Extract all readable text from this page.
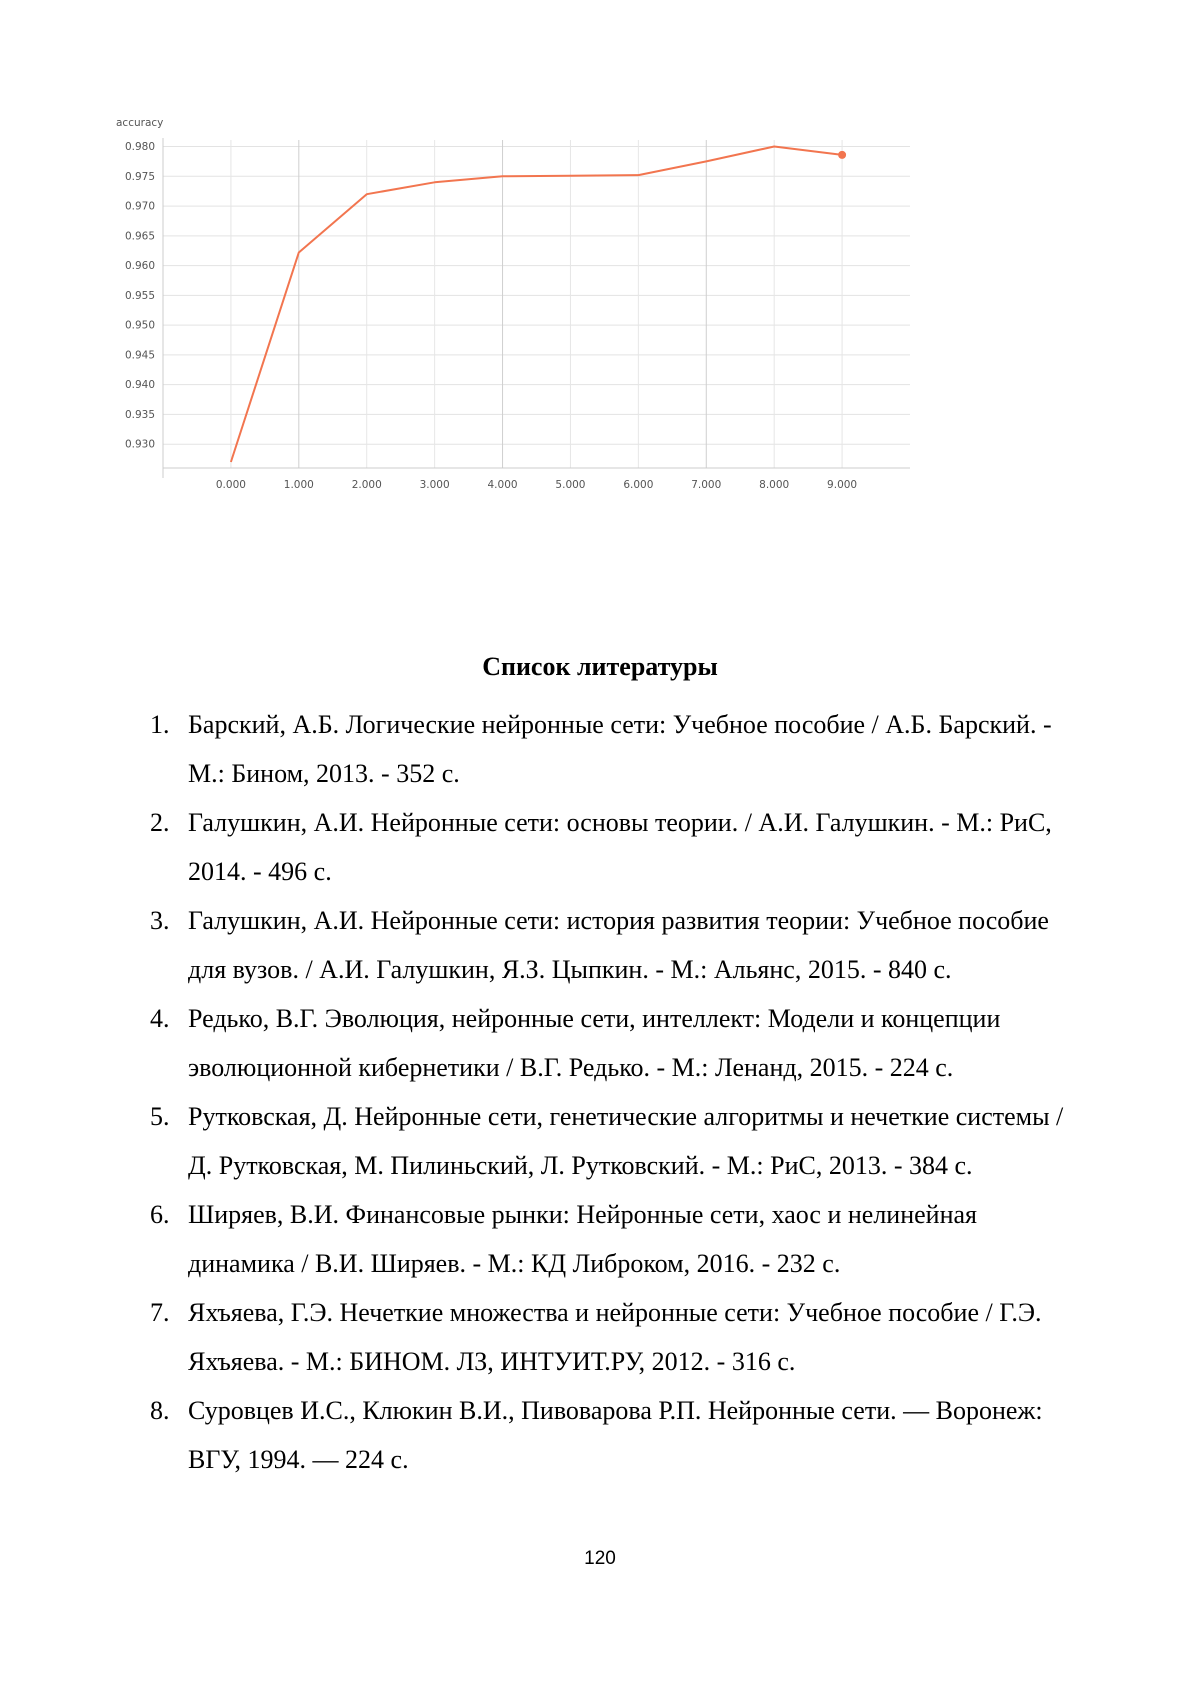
0.930
0.935
0.940
0.945
0.950
0.955
0.960
0.965
0.970
0.975
0.980
0.000	1.000	2.000	3.000	4.000	5.000	6.000	7.000	8.000	9.000
accuracy
Список литературы
1. Барский, А.Б. Логические нейронные сети: Учебное пособие / А.Б. Барский. - М.: Бином, 2013. - 352 с.
2. Галушкин, А.И. Нейронные сети: основы теории. / А.И. Галушкин. - М.: РиС, 2014. - 496 с.
3. Галушкин, А.И. Нейронные сети: история развития теории: Учебное пособие для вузов. / А.И. Галушкин, Я.З. Цыпкин. - М.: Альянс, 2015. - 840 с.
4. Редько, В.Г. Эволюция, нейронные сети, интеллект: Модели и концепции эволюционной кибернетики / В.Г. Редько. - М.: Ленанд, 2015. - 224 с.
5. Рутковская, Д. Нейронные сети, генетические алгоритмы и нечеткие системы / Д. Рутковская, М. Пилиньский, Л. Рутковский. - М.: РиС, 2013. - 384 с.
6. Ширяев, В.И. Финансовые рынки: Нейронные сети, хаос и нелинейная динамика / В.И. Ширяев. - М.: КД Либроком, 2016. - 232 с.
7. Яхъяева, Г.Э. Нечеткие множества и нейронные сети: Учебное пособие / Г.Э. Яхъяева. - М.: БИНОМ. ЛЗ, ИНТУИТ.РУ, 2012. - 316 с.
8. Суровцев И.С., Клюкин В.И., Пивоварова Р.П. Нейронные сети. — Воронеж: ВГУ, 1994. — 224 с.
120
